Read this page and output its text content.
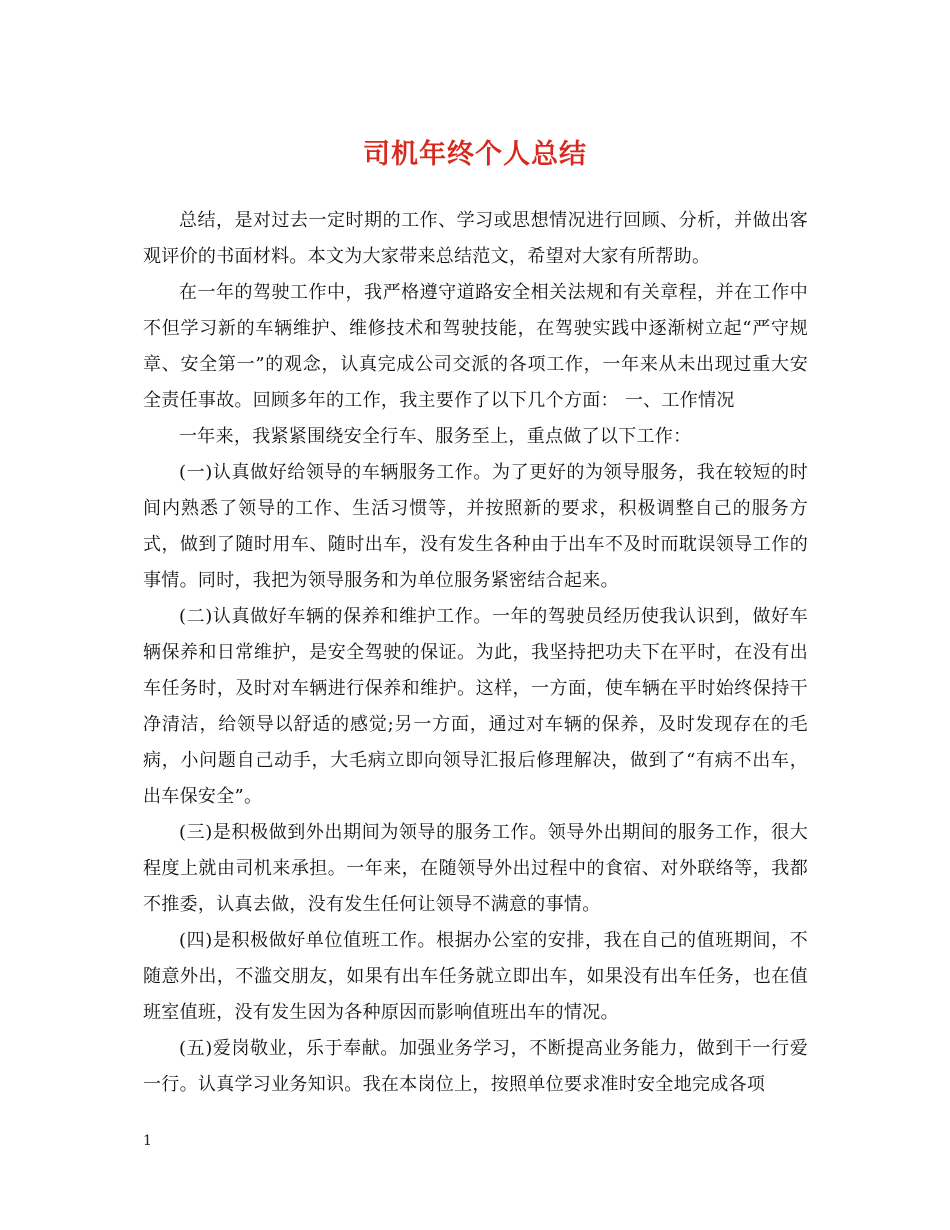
司机年终个人总结

总结，是对过去一定时期的工作、学习或思想情况进行回顾、分析，并做出客观评价的书面材料。本文为大家带来总结范文，希望对大家有所帮助。

在一年的驾驶工作中，我严格遵守道路安全相关法规和有关章程，并在工作中不但学习新的车辆维护、维修技术和驾驶技能，在驾驶实践中逐渐树立起“严守规章、安全第一”的观念，认真完成公司交派的各项工作，一年来从未出现过重大安全责任事故。回顾多年的工作，我主要作了以下几个方面： 一、工作情况

一年来，我紧紧围绕安全行车、服务至上，重点做了以下工作：

(一)认真做好给领导的车辆服务工作。为了更好的为领导服务，我在较短的时间内熟悉了领导的工作、生活习惯等，并按照新的要求，积极调整自己的服务方式，做到了随时用车、随时出车，没有发生各种由于出车不及时而耽误领导工作的事情。同时，我把为领导服务和为单位服务紧密结合起来。

(二)认真做好车辆的保养和维护工作。一年的驾驶员经历使我认识到，做好车辆保养和日常维护，是安全驾驶的保证。为此，我坚持把功夫下在平时，在没有出车任务时，及时对车辆进行保养和维护。这样，一方面，使车辆在平时始终保持干净清洁，给领导以舒适的感觉;另一方面，通过对车辆的保养，及时发现存在的毛病，小问题自己动手，大毛病立即向领导汇报后修理解决，做到了“有病不出车，出车保安全”。

(三)是积极做到外出期间为领导的服务工作。领导外出期间的服务工作，很大程度上就由司机来承担。一年来，在随领导外出过程中的食宿、对外联络等，我都不推委，认真去做，没有发生任何让领导不满意的事情。

(四)是积极做好单位值班工作。根据办公室的安排，我在自己的值班期间，不随意外出，不滥交朋友，如果有出车任务就立即出车，如果没有出车任务，也在值班室值班，没有发生因为各种原因而影响值班出车的情况。

(五)爱岗敬业，乐于奉献。加强业务学习，不断提高业务能力，做到干一行爱一行。认真学习业务知识。我在本岗位上，按照单位要求准时安全地完成各项

1
